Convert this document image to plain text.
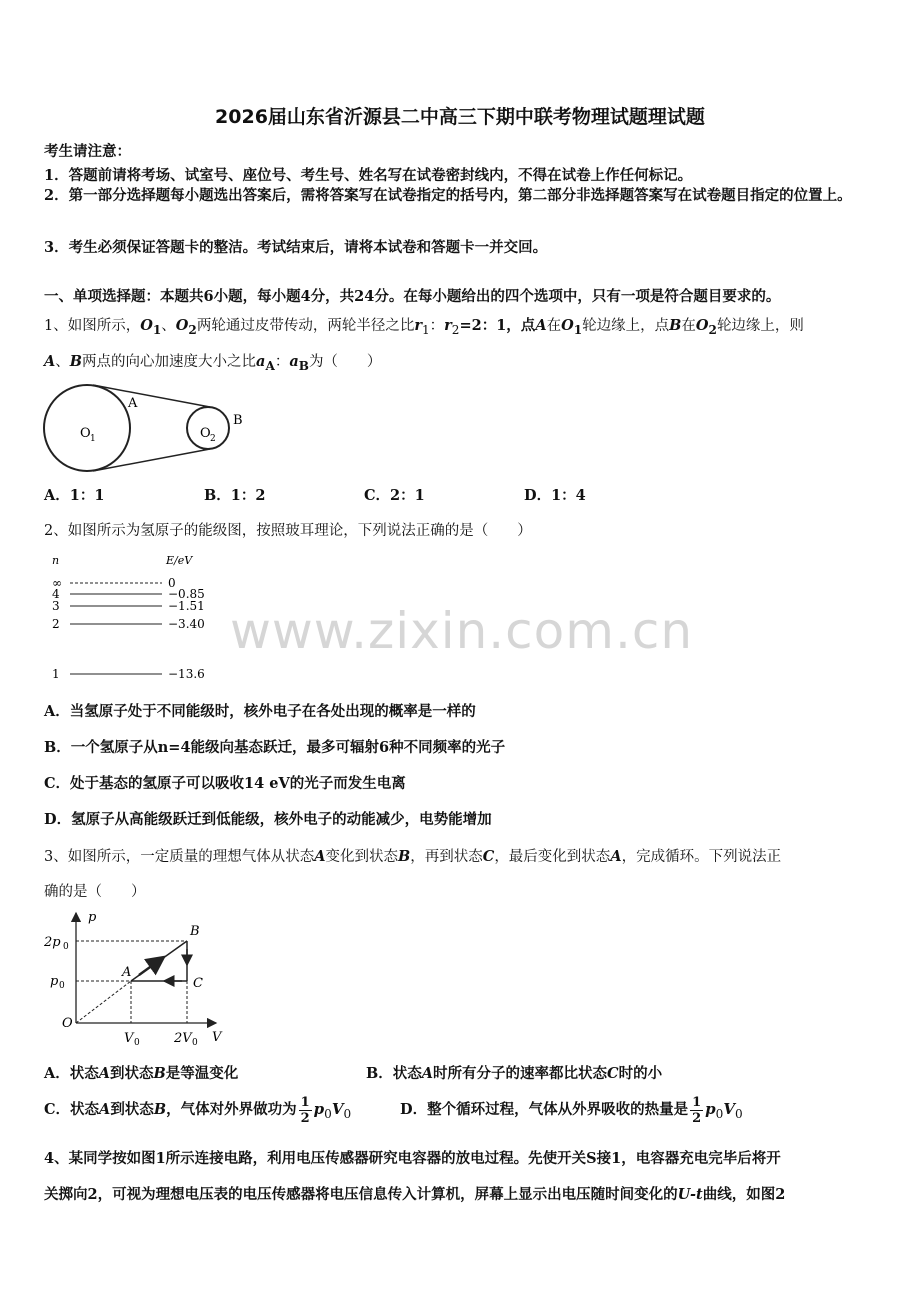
2026届山东省沂源县二中高三下期中联考物理试题理试题
考生请注意：
1．答题前请将考场、试室号、座位号、考生号、姓名写在试卷密封线内，不得在试卷上作任何标记。
2．第一部分选择题每小题选出答案后，需将答案写在试卷指定的括号内，第二部分非选择题答案写在试卷题目指定的位置上。
3．考生必须保证答题卡的整洁。考试结束后，请将本试卷和答题卡一并交回。
一、单项选择题：本题共6小题，每小题4分，共24分。在每小题给出的四个选项中，只有一项是符合题目要求的。
1、如图所示，$O_1$、$O_2$两轮通过皮带传动，两轮半径之比$r_1$：$r_2=2$：1，点A在$O_1$轮边缘上，点B在$O_2$轮边缘上，则
A、B两点的向心加速度大小之比$a_A$：$a_B$为（　　）
A
B
O 1	O 2
A．1：1	B．1：2	C．2：1	D．1：4
2、如图所示为氢原子的能级图，按照玻耳理论，下列说法正确的是（　　）
n	E/eV
∞	0
4	−0.85
3	−1.51
2	−3.40
1	−13.6
www.zixin.com.cn
A．当氢原子处于不同能级时，核外电子在各处出现的概率是一样的
B．一个氢原子从n=4能级向基态跃迁，最多可辐射6种不同频率的光子
C．处于基态的氢原子可以吸收14 eV的光子而发生电离
D．氢原子从高能级跃迁到低能级，核外电子的动能减少，电势能增加
3、如图所示，一定质量的理想气体从状态A变化到状态B，再到状态C，最后变化到状态A，完成循环。下列说法正
确的是（　　）
p
V
O
2p 0
p 0
V 0	2V 0
A
B
C
A．状态A到状态B是等温变化	B．状态A时所有分子的速率都比状态C时的小
C．状态A到状态B，气体对外界做功为 $\frac{1}{2} p_0V_0$	D．整个循环过程，气体从外界吸收的热量是 $\frac{1}{2} p_0V_0$
4、某同学按如图1所示连接电路，利用电压传感器研究电容器的放电过程。先使开关S接1，电容器充电完毕后将开
关掷向2，可视为理想电压表的电压传感器将电压信息传入计算机，屏幕上显示出电压随时间变化的U-t曲线，如图2
